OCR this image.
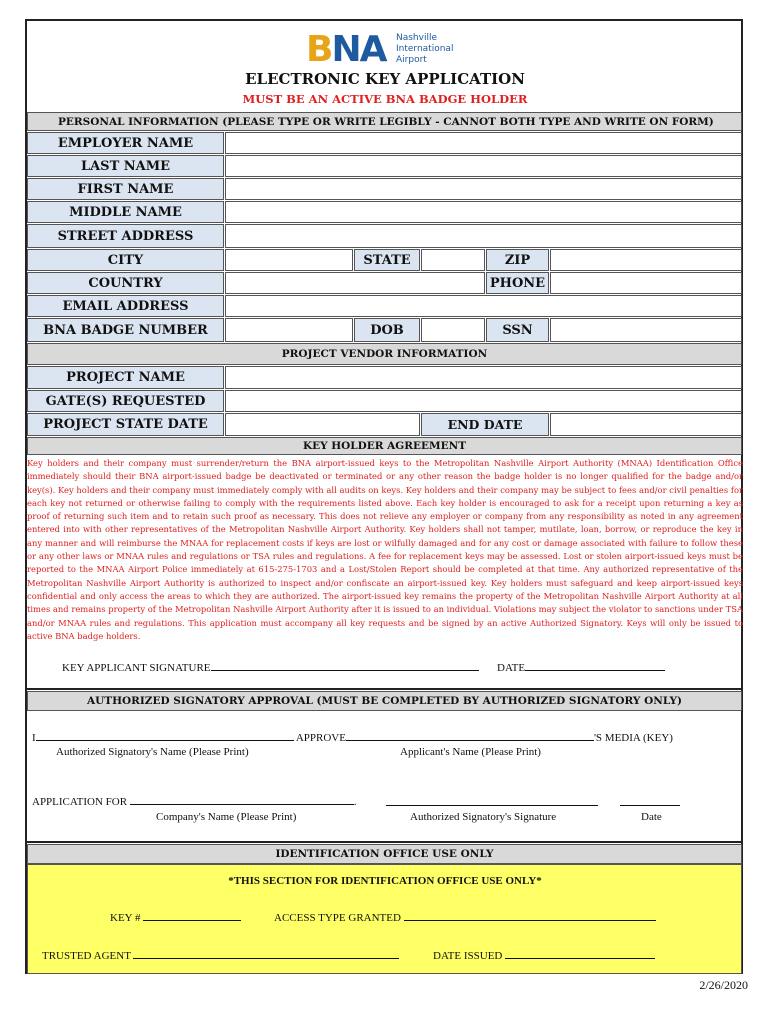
BNA Nashville
International
Airport
ELECTRONIC KEY APPLICATION
MUST BE AN ACTIVE BNA BADGE HOLDER
PERSONAL INFORMATION (PLEASE TYPE OR WRITE LEGIBLY - CANNOT BOTH TYPE AND WRITE ON FORM)
EMPLOYER NAME
LAST NAME
FIRST NAME
MIDDLE NAME
STREET ADDRESS
CITY	STATE	ZIP
COUNTRY	PHONE
EMAIL ADDRESS
BNA BADGE NUMBER	DOB	SSN
PROJECT VENDOR INFORMATION
PROJECT NAME
GATE(S) REQUESTED
PROJECT STATE DATE	END DATE
KEY HOLDER AGREEMENT
Key holders and their company must surrender/return the BNA airport-issued keys to the Metropolitan Nashville Airport Authority (MNAA) Identification Office immediately should their BNA airport-issued badge be deactivated or terminated or any other reason the badge holder is no longer qualified for the badge and/or key(s). Key holders and their company must immediately comply with all audits on keys. Key holders and their company may be subject to fees and/or civil penalties for each key not returned or otherwise failing to comply with the requirements listed above. Each key holder is encouraged to ask for a receipt upon returning a key as proof of returning such item and to retain such proof as necessary. This does not relieve any employer or company from any responsibility as noted in any agreement entered into with other representatives of the Metropolitan Nashville Airport Authority. Key holders shall not tamper, mutilate, loan, borrow, or reproduce the key in any manner and will reimburse the MNAA for replacement costs if keys are lost or wilfully damaged and for any cost or damage associated with failure to follow these or any other laws or MNAA rules and regulations or TSA rules and regulations. A fee for replacement keys may be assessed. Lost or stolen airport-issued keys must be reported to the MNAA Airport Police immediately at 615-275-1703 and a Lost/Stolen Report should be completed at that time. Any authorized representative of the Metropolitan Nashville Airport Authority is authorized to inspect and/or confiscate an airport-issued key. Key holders must safeguard and keep airport-issued keys confidential and only access the areas to which they are authorized. The airport-issued key remains the property of the Metropolitan Nashville Airport Authority at all times and remains property of the Metropolitan Nashville Airport Authority after it is issued to an individual. Violations may subject the violator to sanctions under TSA and/or MNAA rules and regulations. This application must accompany all key requests and be signed by an active Authorized Signatory. Keys will only be issued to active BNA badge holders.
KEY APPLICANT SIGNATURE	DATE
AUTHORIZED SIGNATORY APPROVAL (MUST BE COMPLETED BY AUTHORIZED SIGNATORY ONLY)
I	APPROVE	'S MEDIA (KEY)
Authorized Signatory's Name (Please Print)	Applicant's Name (Please Print)
APPLICATION FOR	.
Company's Name (Please Print)	Authorized Signatory's Signature	Date
IDENTIFICATION OFFICE USE ONLY
*THIS SECTION FOR IDENTIFICATION OFFICE USE ONLY*
KEY #	ACCESS TYPE GRANTED
TRUSTED AGENT	DATE ISSUED
2/26/2020
